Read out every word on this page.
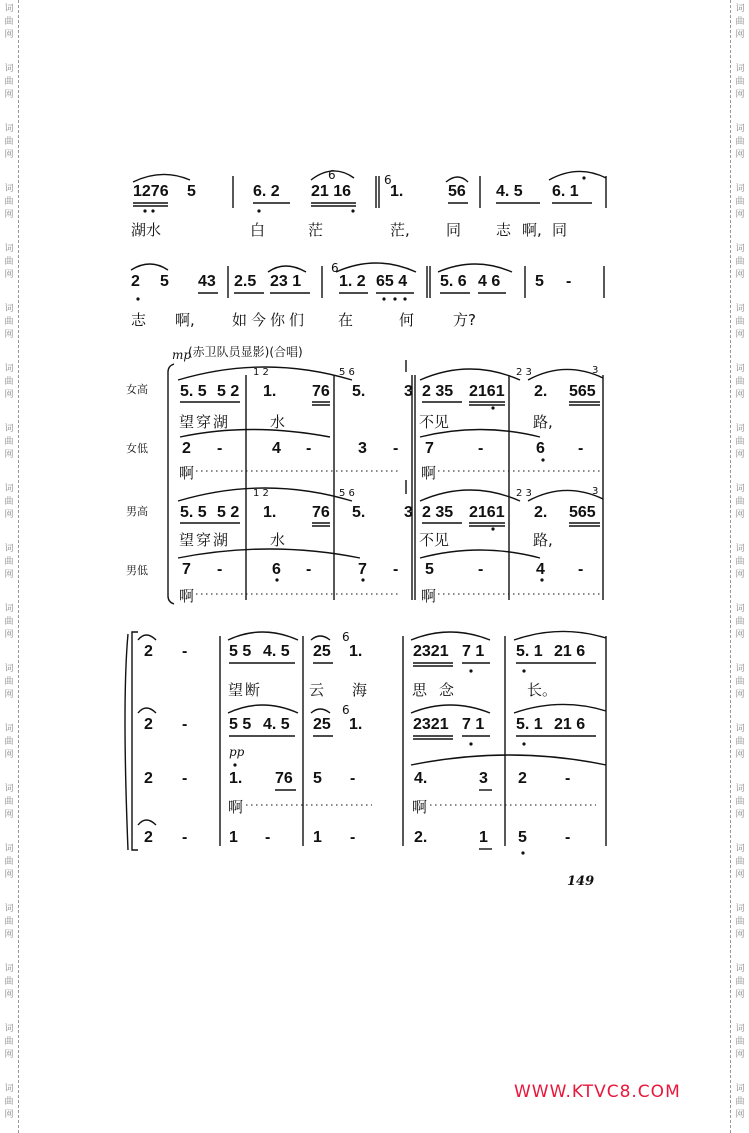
词
曲
网
词
曲
网
词
曲
网
词
曲
网
词
曲
网
词
曲
网
词
曲
网
词
曲
网
词
曲
网
词
曲
网
词
曲
网
词
曲
网
词
曲
网
词
曲
网
词
曲
网
词
曲
网
词
曲
网
词
曲
网
词
曲
网
词
曲
网
词
曲
网
词
曲
网
词
曲
网
词
曲
网
词
曲
网
词
曲
网
词
曲
网
词
曲
网
词
曲
网
词
曲
网
词
曲
网
词
曲
网
词
曲
网
词
曲
网
词
曲
网
词
曲
网
词
曲
网
词
曲
网
1276 5	6. 2 21 16
6
1.
6
56 4. 5 6. 1
湖水	白	茫	茫, 同 志 啊, 同
2 5 43 2.5 23 1
6
1. 2 65 4 5. 6 4 6 5 -
志 啊, 如今你们 在	何	方?
mp
(赤卫队员显影)(合唱)
女高
女低
男高
男低
5. 5 5 2
1 2
1. 76
5 6
5. 3 2 35 2161
2 3
2.
3
565
望穿湖	水	不见	路,
2 -	4 -	3 - 7	-	6 -
啊	啊
5. 5 5 2
1 2
1. 76
5 6
5. 3 2 35 2161
2 3
2.
3
565
望穿湖	水	不见	路,
7 -	6 -	7 - 5	-	4 -
啊	啊
2 -	5 5 4. 5 25
6
1.	2321 7 1 5. 1 21 6
望断	云 海	思念	长。
2 -	5 5 4. 5 25
6
1.	2321 7 1 5. 1 21 6
pp
2 -	1. 76 5 -	4.	3 2 -
啊	啊
2 -	1 -	1 -	2.	1 5 -
149
WWW.KTVC8.COM
